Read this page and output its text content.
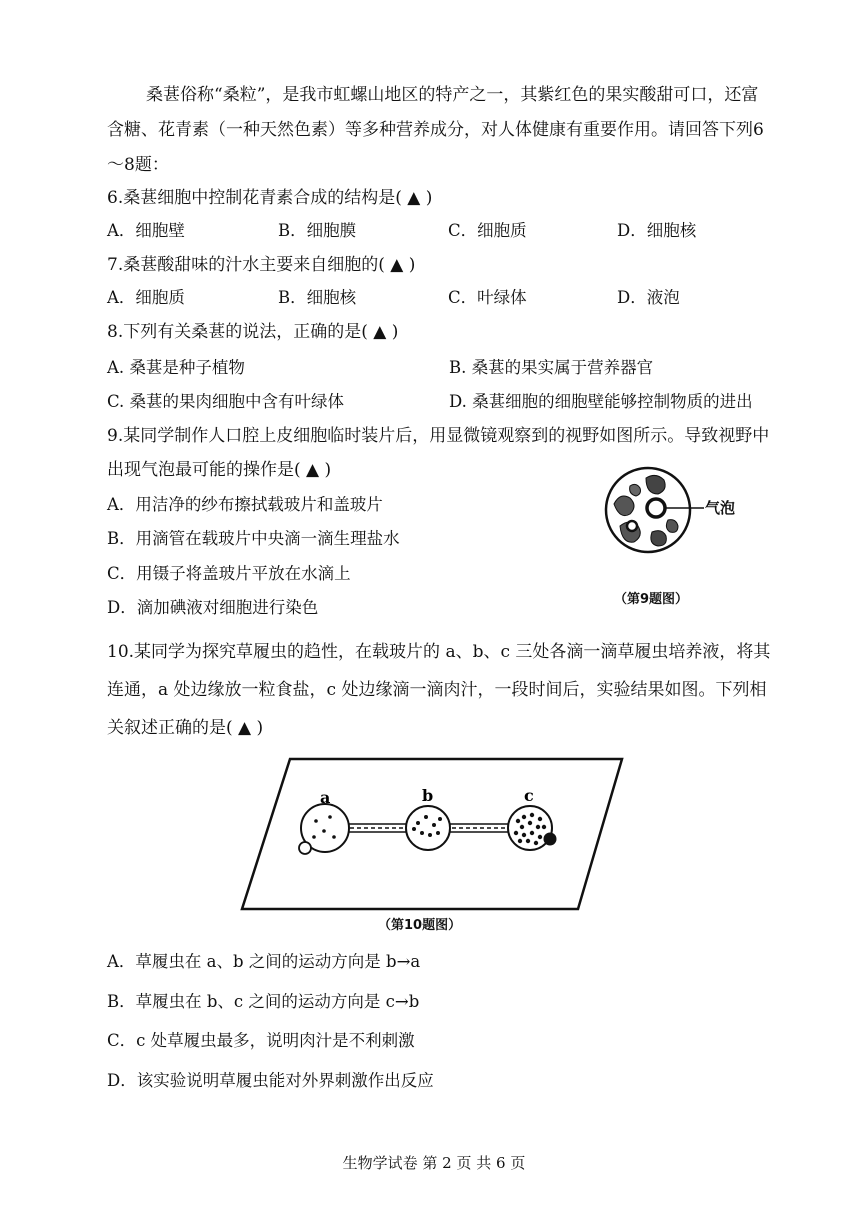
桑葚俗称“桑粒”，是我市虹螺山地区的特产之一，其紫红色的果实酸甜可口，还富
含糖、花青素（一种天然色素）等多种营养成分，对人体健康有重要作用。请回答下列6
～8题：
6.桑葚细胞中控制花青素合成的结构是( ▲ )
A．细胞壁	B．细胞膜	C．细胞质	D．细胞核
7.桑葚酸甜味的汁水主要来自细胞的( ▲ )
A．细胞质	B．细胞核	C．叶绿体	D．液泡
8.下列有关桑葚的说法，正确的是( ▲ )
A. 桑葚是种子植物	B. 桑葚的果实属于营养器官
C. 桑葚的果肉细胞中含有叶绿体	D. 桑葚细胞的细胞壁能够控制物质的进出
9.某同学制作人口腔上皮细胞临时装片后，用显微镜观察到的视野如图所示。导致视野中
出现气泡最可能的操作是( ▲ )
A．用洁净的纱布擦拭载玻片和盖玻片
B．用滴管在载玻片中央滴一滴生理盐水
C．用镊子将盖玻片平放在水滴上
D．滴加碘液对细胞进行染色
气泡
（第9题图）
10.某同学为探究草履虫的趋性，在载玻片的 a、b、c 三处各滴一滴草履虫培养液，将其
连通，a 处边缘放一粒食盐，c 处边缘滴一滴肉汁，一段时间后，实验结果如图。下列相
关叙述正确的是( ▲ )
a	b	c
（第10题图）
A．草履虫在 a、b 之间的运动方向是 b→a
B．草履虫在 b、c 之间的运动方向是 c→b
C．c 处草履虫最多，说明肉汁是不利刺激
D．该实验说明草履虫能对外界刺激作出反应
生物学试卷 第 2 页 共 6 页
